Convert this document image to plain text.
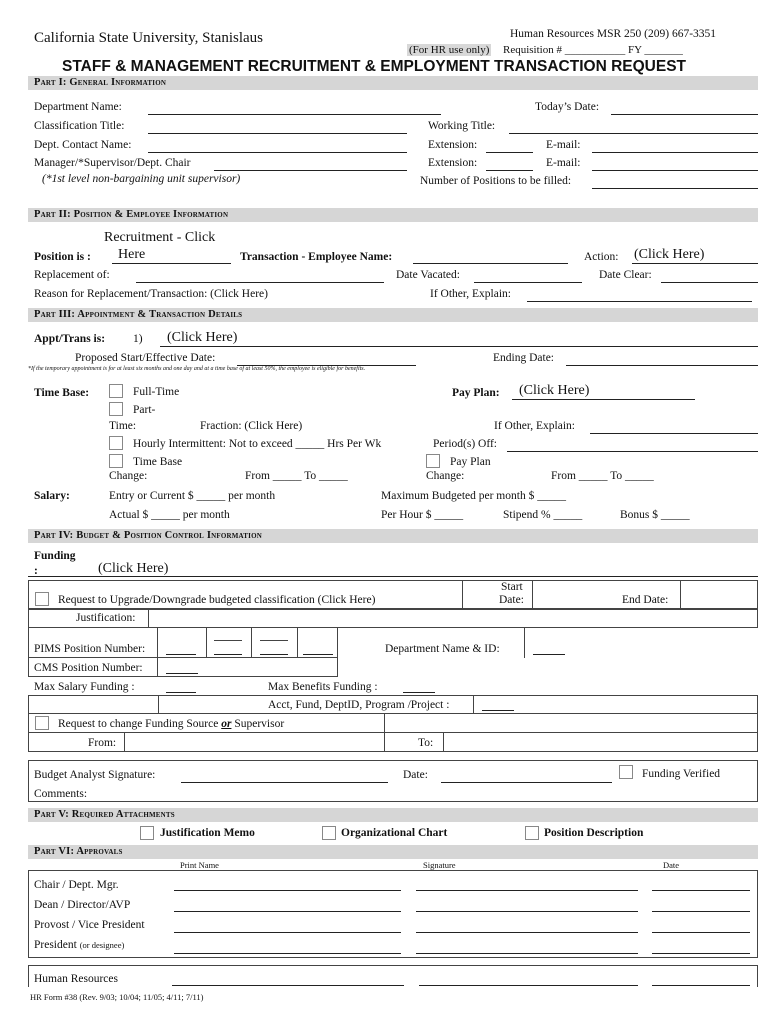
California State University, Stanislaus	Human Resources MSR 250 (209) 667-3351
(For HR use only) Requisition # ___________ FY _______
STAFF & MANAGEMENT RECRUITMENT & EMPLOYMENT TRANSACTION REQUEST
Part I: General Information
Department Name:	Today’s Date:
Classification Title:	Working Title:
Dept. Contact Name:	Extension:	E-mail:
Manager/*Supervisor/Dept. Chair	Extension:	E-mail:
(*1st level non-bargaining unit supervisor)	Number of Positions to be filled:
Part II: Position & Employee Information
Recruitment - Click
Position is : Here	Transaction - Employee Name:	Action: (Click Here)
Replacement of:	Date Vacated:	Date Clear:
Reason for Replacement/Transaction: (Click Here)	If Other, Explain:
Part III: Appointment & Transaction Details
Appt/Trans is: 1) (Click Here)
Proposed Start/Effective Date:	Ending Date:
*If the temporary appointment is for at least six months and one day and at a time base of at least 50%, the employee is eligible for benefits.
Time Base:	Full-Time
Part-
Time:	Fraction: (Click Here)
Hourly Intermittent: Not to exceed _____ Hrs Per Wk	Period(s) Off:
Time Base
Change:	From _____ To _____
Pay Plan: (Click Here)
If Other, Explain:
Pay Plan
Change:	From _____ To _____
Salary:	Entry or Current $ _____ per month	Maximum Budgeted per month $ _____
Actual $ _____ per month	Per Hour $ _____	Stipend % _____	Bonus $ _____
Part IV: Budget & Position Control Information
Funding
:	(Click Here)
Request to Upgrade/Downgrade budgeted classification (Click Here)
Start
Date:	End Date:
Justification:
PIMS Position Number:	Department Name & ID:
CMS Position Number:
Max Salary Funding :	Max Benefits Funding :
Acct, Fund, DeptID, Program /Project :
Request to change Funding Source or Supervisor
From:	To:
Budget Analyst Signature:	Date:	Funding Verified
Comments:
Part V: Required Attachments
Justification Memo	Organizational Chart	Position Description
Part VI: Approvals
Print Name	Signature	Date
Chair / Dept. Mgr.
Dean / Director/AVP
Provost / Vice President
President (or designee)
Human Resources
HR Form #38 (Rev. 9/03; 10/04; 11/05; 4/11; 7/11)
